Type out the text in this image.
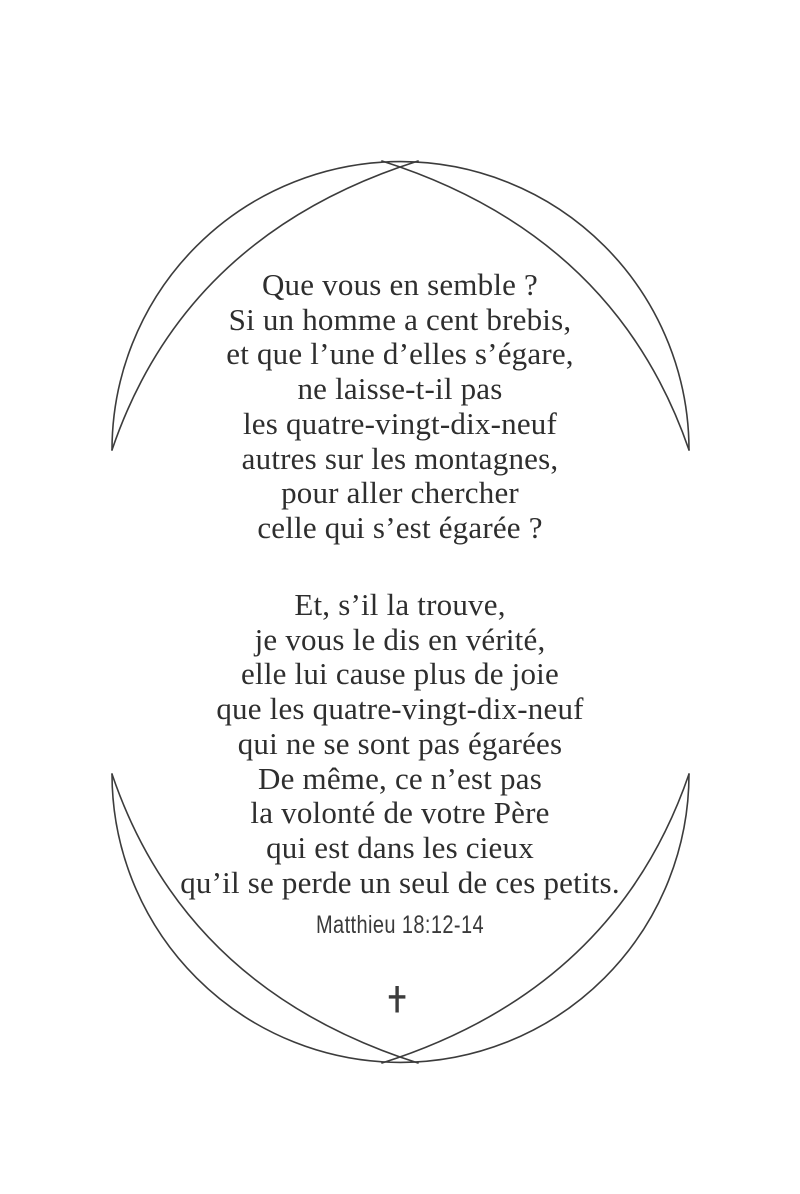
Que vous en semble ?
Si un homme a cent brebis,
et que l’une d’elles s’égare,
ne laisse-t-il pas
les quatre-vingt-dix-neuf
autres sur les montagnes,
pour aller chercher
celle qui s’est égarée ?
Et, s’il la trouve,
je vous le dis en vérité,
elle lui cause plus de joie
que les quatre-vingt-dix-neuf
qui ne se sont pas égarées
De même, ce n’est pas
la volonté de votre Père
qui est dans les cieux
qu’il se perde un seul de ces petits.
Matthieu 18:12-14
